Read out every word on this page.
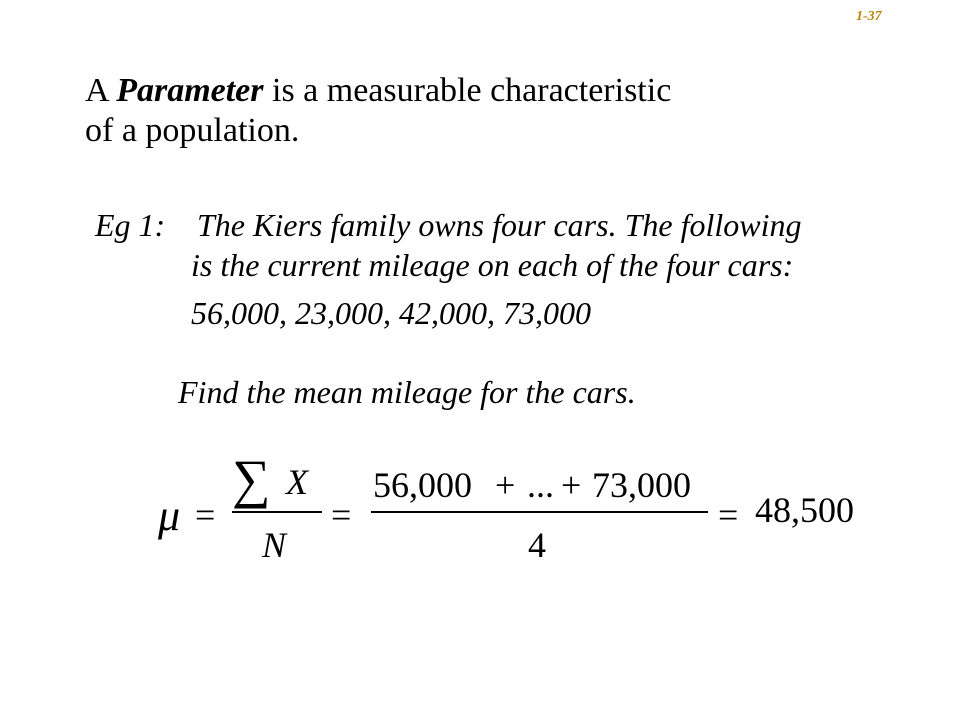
1-37
A Parameter is a measurable characteristic
of a population.
Eg 1: The Kiers family owns four cars. The following
is the current mileage on each of the four cars:
56,000, 23,000, 42,000, 73,000
Find the mean mileage for the cars.
μ =
∑ X
N
=
56,000 + ... + 73,000
4
= 48,500
